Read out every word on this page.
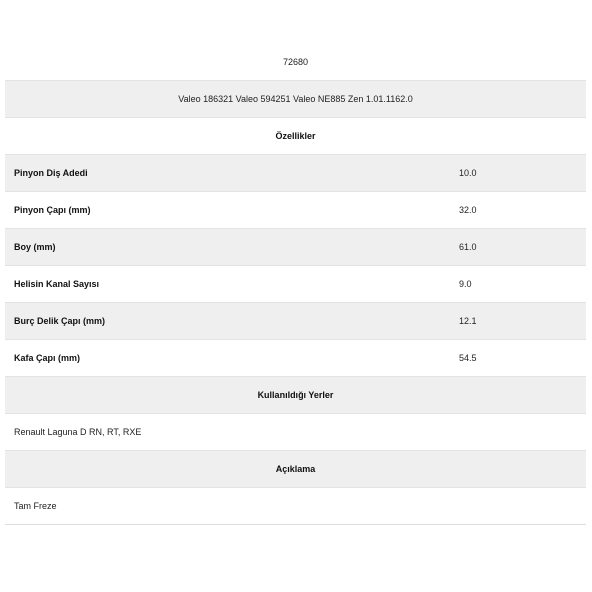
72680
Valeo 186321 Valeo 594251 Valeo NE885 Zen 1.01.1162.0
Özellikler
Pinyon Diş Adedi	10.0
Pinyon Çapı (mm)	32.0
Boy (mm)	61.0
Helisin Kanal Sayısı	9.0
Burç Delik Çapı (mm)	12.1
Kafa Çapı (mm)	54.5
Kullanıldığı Yerler
Renault Laguna D RN, RT, RXE
Açıklama
Tam Freze
